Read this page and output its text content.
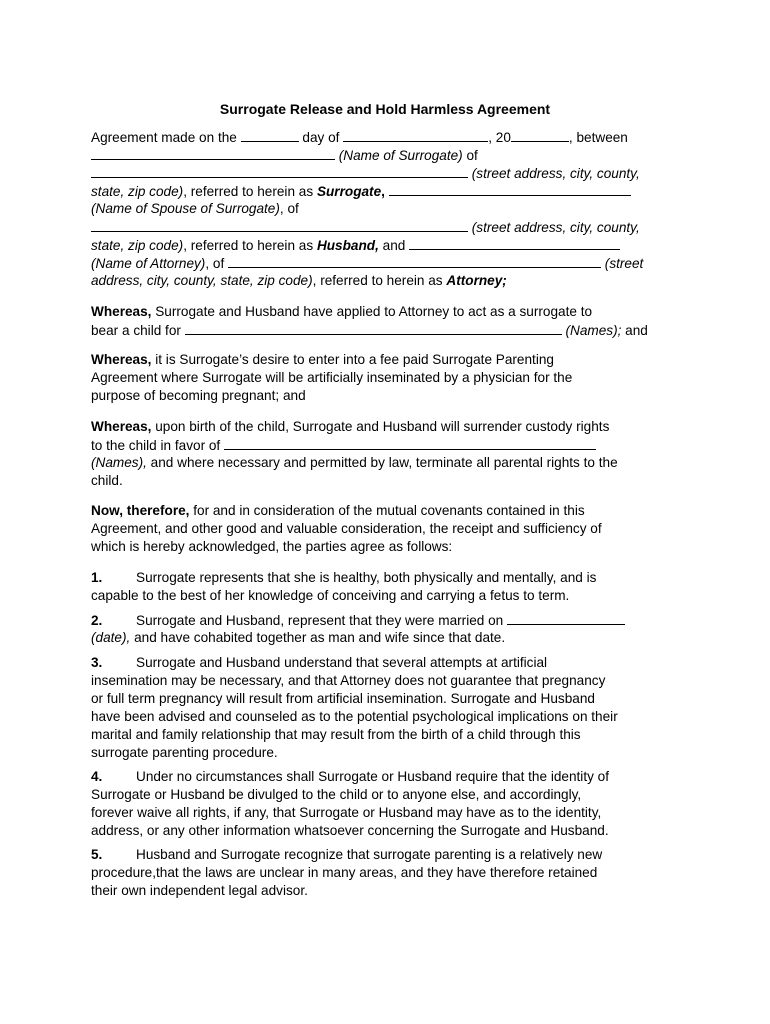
Surrogate Release and Hold Harmless Agreement
Agreement made on the	day of	, 20	, between
(Name of Surrogate) of
(street address, city, county,
state, zip code), referred to herein as Surrogate,
(Name of Spouse of Surrogate), of
(street address, city, county,
state, zip code), referred to herein as Husband, and
(Name of Attorney), of	(street
address, city, county, state, zip code), referred to herein as Attorney;
Whereas, Surrogate and Husband have applied to Attorney to act as a surrogate to
bear a child for	(Names); and
Whereas, it is Surrogate’s desire to enter into a fee paid Surrogate Parenting
Agreement where Surrogate will be artificially inseminated by a physician for the
purpose of becoming pregnant; and
Whereas, upon birth of the child, Surrogate and Husband will surrender custody rights
to the child in favor of
(Names), and where necessary and permitted by law, terminate all parental rights to the
child.
Now, therefore, for and in consideration of the mutual covenants contained in this
Agreement, and other good and valuable consideration, the receipt and sufficiency of
which is hereby acknowledged, the parties agree as follows:
1. Surrogate represents that she is healthy, both physically and mentally, and is
capable to the best of her knowledge of conceiving and carrying a fetus to term.
2. Surrogate and Husband, represent that they were married on
(date), and have cohabited together as man and wife since that date.
3. Surrogate and Husband understand that several attempts at artificial
insemination may be necessary, and that Attorney does not guarantee that pregnancy
or full term pregnancy will result from artificial insemination. Surrogate and Husband
have been advised and counseled as to the potential psychological implications on their
marital and family relationship that may result from the birth of a child through this
surrogate parenting procedure.
4. Under no circumstances shall Surrogate or Husband require that the identity of
Surrogate or Husband be divulged to the child or to anyone else, and accordingly,
forever waive all rights, if any, that Surrogate or Husband may have as to the identity,
address, or any other information whatsoever concerning the Surrogate and Husband.
5. Husband and Surrogate recognize that surrogate parenting is a relatively new
procedure,that the laws are unclear in many areas, and they have therefore retained
their own independent legal advisor.
